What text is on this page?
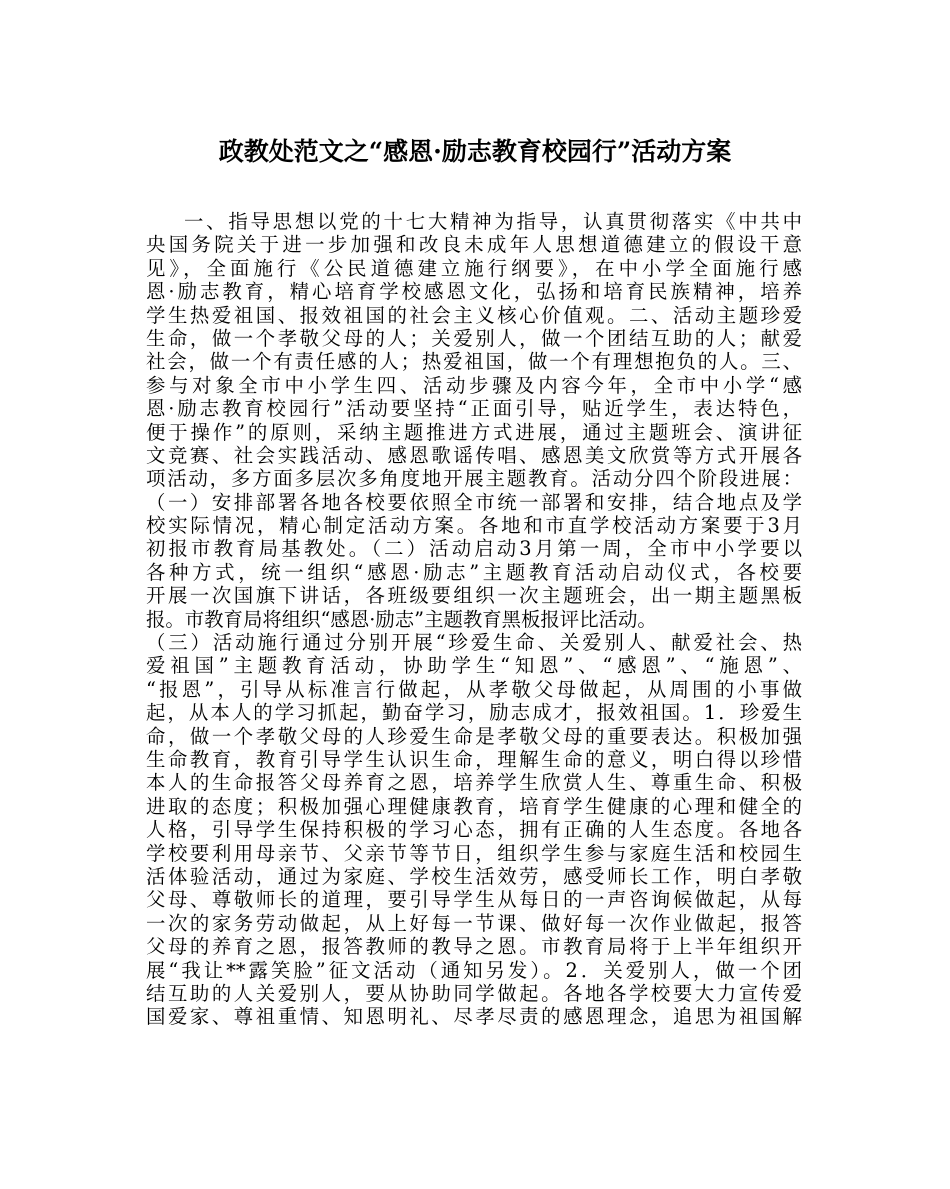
政教处范文之“感恩·励志教育校园行”活动方案
一、指导思想以党的十七大精神为指导，认真贯彻落实《中共中
央国务院关于进一步加强和改良未成年人思想道德建立的假设干意
见》，全面施行《公民道德建立施行纲要》，在中小学全面施行感
恩·励志教育，精心培育学校感恩文化，弘扬和培育民族精神，培养
学生热爱祖国、报效祖国的社会主义核心价值观。二、活动主题珍爱
生命，做一个孝敬父母的人；关爱别人，做一个团结互助的人；献爱
社会，做一个有责任感的人；热爱祖国，做一个有理想抱负的人。三、
参与对象全市中小学生四、活动步骤及内容今年，全市中小学“感
恩·励志教育校园行”活动要坚持“正面引导，贴近学生，表达特色，
便于操作”的原则，采纳主题推进方式进展，通过主题班会、演讲征
文竞赛、社会实践活动、感恩歌谣传唱、感恩美文欣赏等方式开展各
项活动，多方面多层次多角度地开展主题教育。活动分四个阶段进展：
（一）安排部署各地各校要依照全市统一部署和安排，结合地点及学
校实际情况，精心制定活动方案。各地和市直学校活动方案要于3月
初报市教育局基教处。（二）活动启动3月第一周，全市中小学要以
各种方式，统一组织“感恩·励志”主题教育活动启动仪式，各校要
开展一次国旗下讲话，各班级要组织一次主题班会，出一期主题黑板
报。市教育局将组织“感恩·励志”主题教育黑板报评比活动。
（三）活动施行通过分别开展“珍爱生命、关爱别人、献爱社会、热
爱祖国”主题教育活动，协助学生“知恩”、“感恩”、“施恩”、
“报恩”，引导从标准言行做起，从孝敬父母做起，从周围的小事做
起，从本人的学习抓起，勤奋学习，励志成才，报效祖国。1．珍爱生
命，做一个孝敬父母的人珍爱生命是孝敬父母的重要表达。积极加强
生命教育，教育引导学生认识生命，理解生命的意义，明白得以珍惜
本人的生命报答父母养育之恩，培养学生欣赏人生、尊重生命、积极
进取的态度；积极加强心理健康教育，培育学生健康的心理和健全的
人格，引导学生保持积极的学习心态，拥有正确的人生态度。各地各
学校要利用母亲节、父亲节等节日，组织学生参与家庭生活和校园生
活体验活动，通过为家庭、学校生活效劳，感受师长工作，明白孝敬
父母、尊敬师长的道理，要引导学生从每日的一声咨询候做起，从每
一次的家务劳动做起，从上好每一节课、做好每一次作业做起，报答
父母的养育之恩，报答教师的教导之恩。市教育局将于上半年组织开
展“我让**露笑脸”征文活动（通知另发）。2．关爱别人，做一个团
结互助的人关爱别人，要从协助同学做起。各地各学校要大力宣传爱
国爱家、尊祖重情、知恩明礼、尽孝尽责的感恩理念，追思为祖国解
